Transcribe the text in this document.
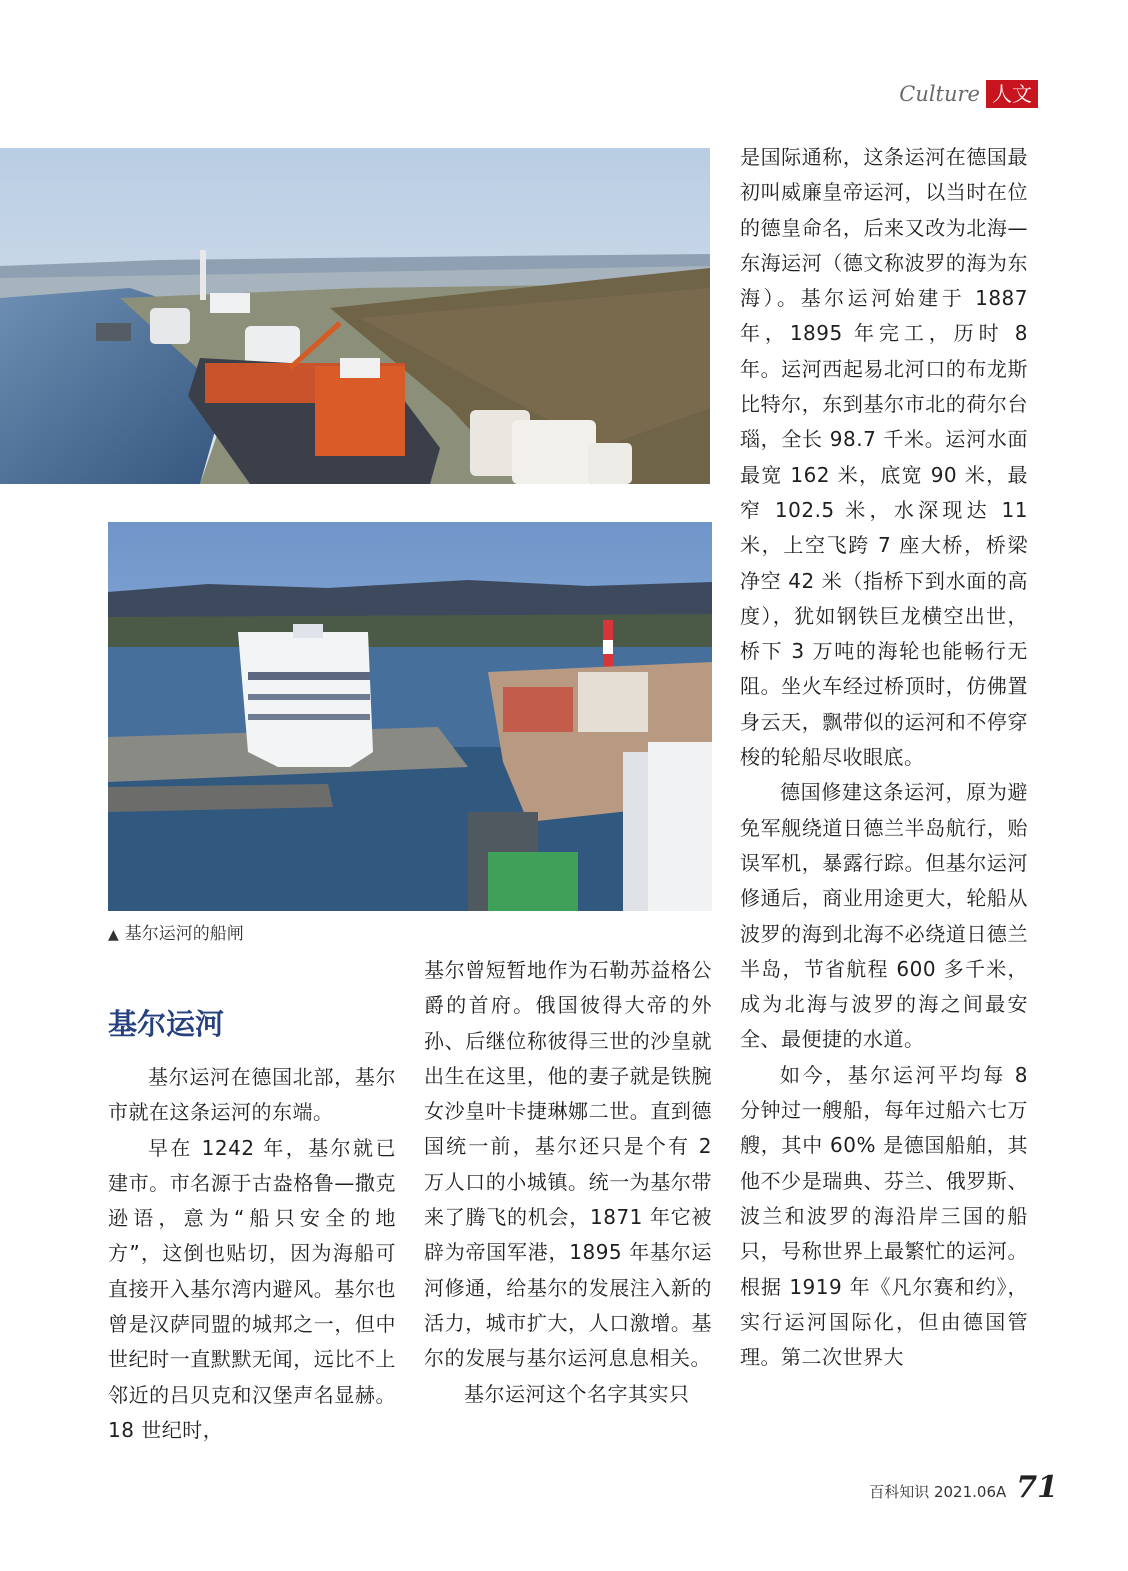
Culture 人文
▲ 基尔运河的船闸
基尔运河

基尔运河在德国北部，基尔市就在这条运河的东端。

早在 1242 年，基尔就已建市。市名源于古盎格鲁—撒克逊语，意为“船只安全的地方”，这倒也贴切，因为海船可直接开入基尔湾内避风。基尔也曾是汉萨同盟的城邦之一，但中世纪时一直默默无闻，远比不上邻近的吕贝克和汉堡声名显赫。18 世纪时，

基尔曾短暂地作为石勒苏益格公爵的首府。俄国彼得大帝的外孙、后继位称彼得三世的沙皇就出生在这里，他的妻子就是铁腕女沙皇叶卡捷琳娜二世。直到德国统一前，基尔还只是个有 2 万人口的小城镇。统一为基尔带来了腾飞的机会，1871 年它被辟为帝国军港，1895 年基尔运河修通，给基尔的发展注入新的活力，城市扩大，人口激增。基尔的发展与基尔运河息息相关。

基尔运河这个名字其实只

是国际通称，这条运河在德国最初叫威廉皇帝运河，以当时在位的德皇命名，后来又改为北海—东海运河（德文称波罗的海为东海）。基尔运河始建于 1887 年，1895 年完工，历时 8 年。运河西起易北河口的布龙斯比特尔，东到基尔市北的荷尔台瑙，全长 98.7 千米。运河水面最宽 162 米，底宽 90 米，最窄 102.5 米，水深现达 11 米，上空飞跨 7 座大桥，桥梁净空 42 米（指桥下到水面的高度），犹如钢铁巨龙横空出世，桥下 3 万吨的海轮也能畅行无阻。坐火车经过桥顶时，仿佛置身云天，飘带似的运河和不停穿梭的轮船尽收眼底。

德国修建这条运河，原为避免军舰绕道日德兰半岛航行，贻误军机，暴露行踪。但基尔运河修通后，商业用途更大，轮船从波罗的海到北海不必绕道日德兰半岛，节省航程 600 多千米，成为北海与波罗的海之间最安全、最便捷的水道。

如今，基尔运河平均每 8 分钟过一艘船，每年过船六七万艘，其中 60% 是德国船舶，其他不少是瑞典、芬兰、俄罗斯、波兰和波罗的海沿岸三国的船只，号称世界上最繁忙的运河。根据 1919 年《凡尔赛和约》，实行运河国际化，但由德国管理。第二次世界大

百科知识 2021.06A 71
